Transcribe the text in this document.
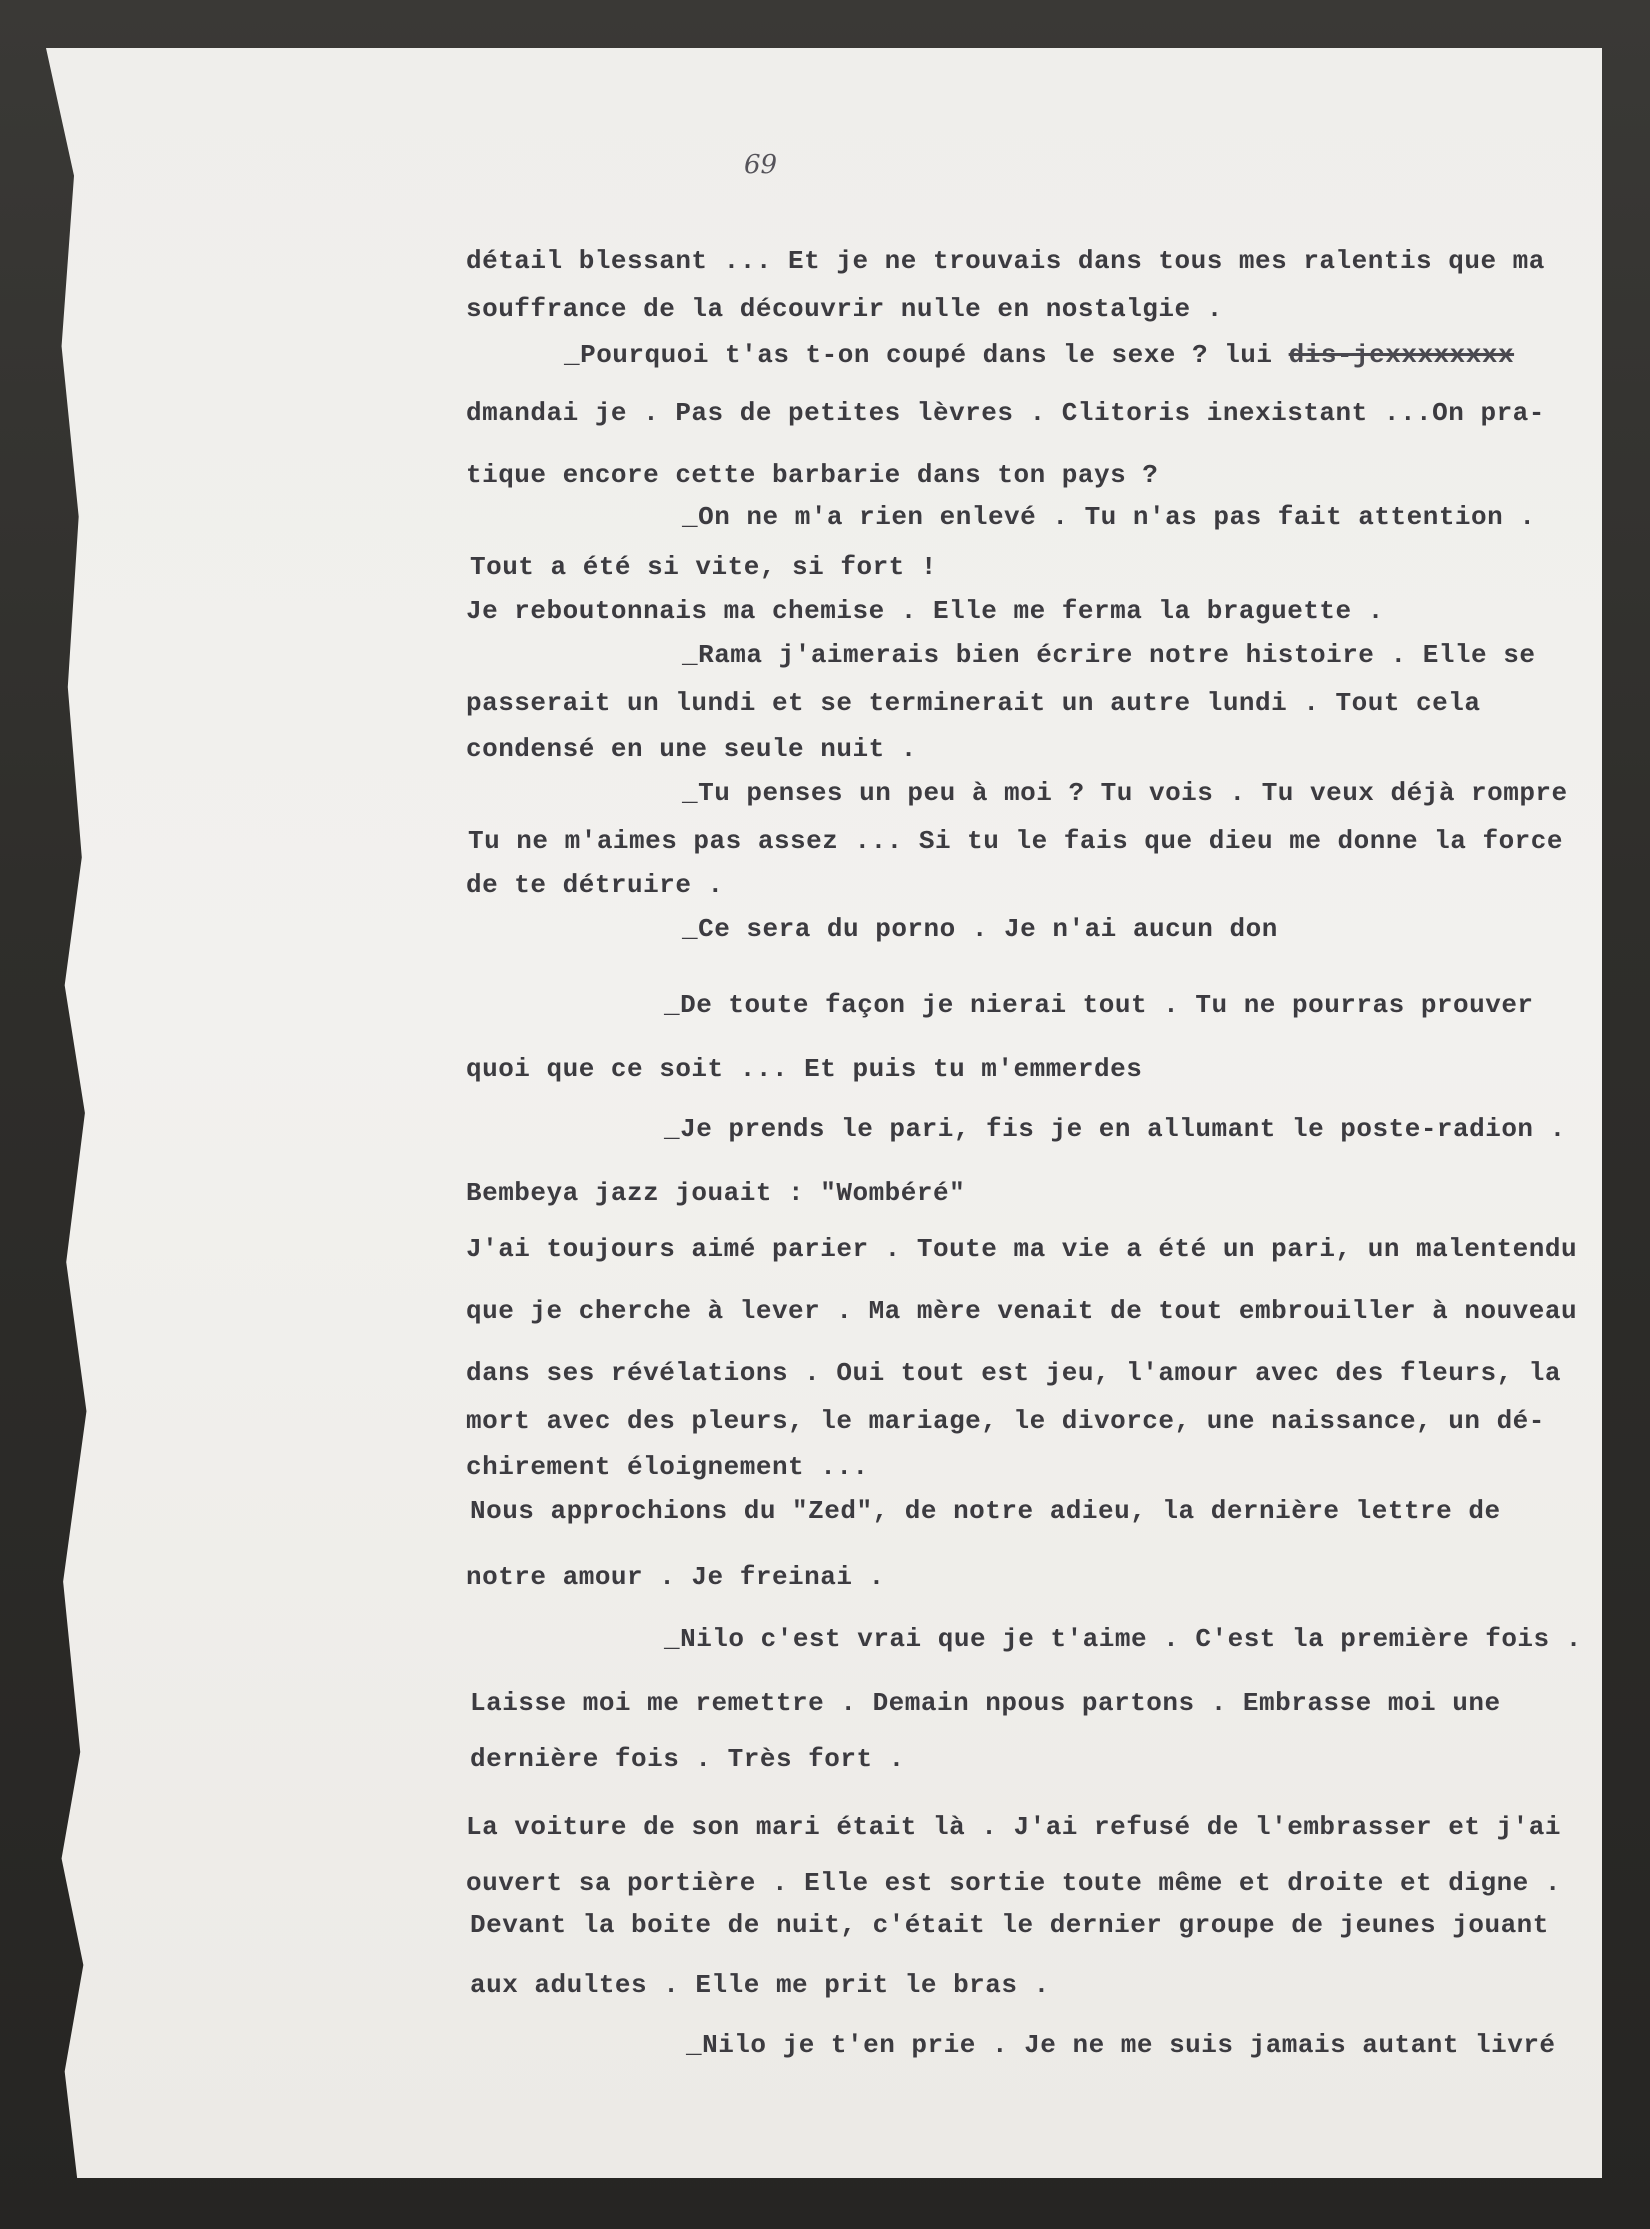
69
détail blessant ... Et je ne trouvais dans tous mes ralentis que ma
souffrance de la découvrir nulle en nostalgie .
_Pourquoi t'as t-on coupé dans le sexe ? lui dis-jexxxxxxxx
dmandai je . Pas de petites lèvres . Clitoris inexistant ...On pra-
tique encore cette barbarie dans ton pays ?
_On ne m'a rien enlevé . Tu n'as pas fait attention .
Tout a été si vite, si fort !
Je reboutonnais ma chemise . Elle me ferma la braguette .
_Rama j'aimerais bien écrire notre histoire . Elle se
passerait un lundi et se terminerait un autre lundi . Tout cela
condensé en une seule nuit .
_Tu penses un peu à moi ? Tu vois . Tu veux déjà rompre
Tu ne m'aimes pas assez ... Si tu le fais que dieu me donne la force
de te détruire .
_Ce sera du porno . Je n'ai aucun don
_De toute façon je nierai tout . Tu ne pourras prouver
quoi que ce soit ... Et puis tu m'emmerdes
_Je prends le pari, fis je en allumant le poste-radion .
Bembeya jazz jouait : "Wombéré"
J'ai toujours aimé parier . Toute ma vie a été un pari, un malentendu
que je cherche à lever . Ma mère venait de tout embrouiller à nouveau
dans ses révélations . Oui tout est jeu, l'amour avec des fleurs, la
mort avec des pleurs, le mariage, le divorce, une naissance, un dé-
chirement éloignement ...
Nous approchions du "Zed", de notre adieu, la dernière lettre de
notre amour . Je freinai .
_Nilo c'est vrai que je t'aime . C'est la première fois .
Laisse moi me remettre . Demain npous partons . Embrasse moi une
dernière fois . Très fort .
La voiture de son mari était là . J'ai refusé de l'embrasser et j'ai
ouvert sa portière . Elle est sortie toute même et droite et digne .
Devant la boite de nuit, c'était le dernier groupe de jeunes jouant
aux adultes . Elle me prit le bras .
_Nilo je t'en prie . Je ne me suis jamais autant livré
